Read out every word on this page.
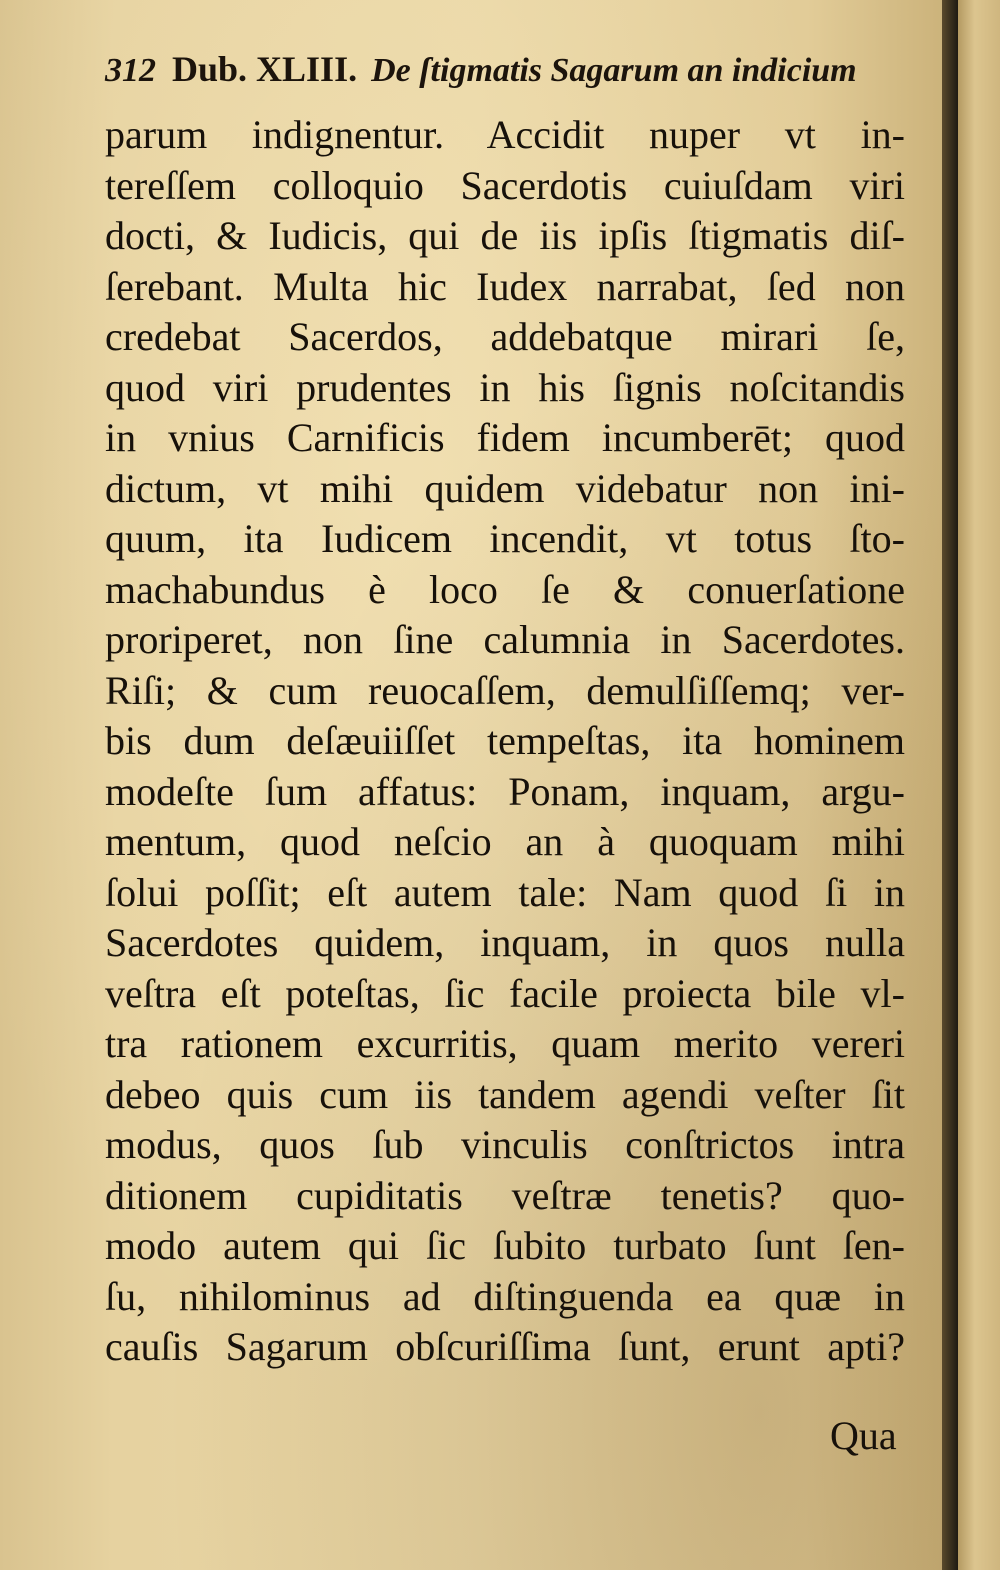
312 Dub. XLIII. De ſtigmatis Sagarum an indicium
parum indignentur. Accidit nuper vt in-
tereſſem colloquio Sacerdotis cuiuſdam viri
docti, & Iudicis, qui de iis ipſis ſtigmatis diſ-
ſerebant. Multa hic Iudex narrabat, ſed non
credebat Sacerdos, addebatque mirari ſe,
quod viri prudentes in his ſignis noſcitandis
in vnius Carnificis fidem incumberēt; quod
dictum, vt mihi quidem videbatur non ini-
quum, ita Iudicem incendit, vt totus ſto-
machabundus è loco ſe & conuerſatione
proriperet, non ſine calumnia in Sacerdotes.
Riſi; & cum reuocaſſem, demulſiſſemq; ver-
bis dum deſæuiiſſet tempeſtas, ita hominem
modeſte ſum affatus: Ponam, inquam, argu-
mentum, quod neſcio an à quoquam mihi
ſolui poſſit; eſt autem tale: Nam quod ſi in
Sacerdotes quidem, inquam, in quos nulla
veſtra eſt poteſtas, ſic facile proiecta bile vl-
tra rationem excurritis, quam merito vereri
debeo quis cum iis tandem agendi veſter ſit
modus, quos ſub vinculis conſtrictos intra
ditionem cupiditatis veſtræ tenetis? quo-
modo autem qui ſic ſubito turbato ſunt ſen-
ſu, nihilominus ad diſtinguenda ea quæ in
cauſis Sagarum obſcuriſſima ſunt, erunt apti?
Qua
